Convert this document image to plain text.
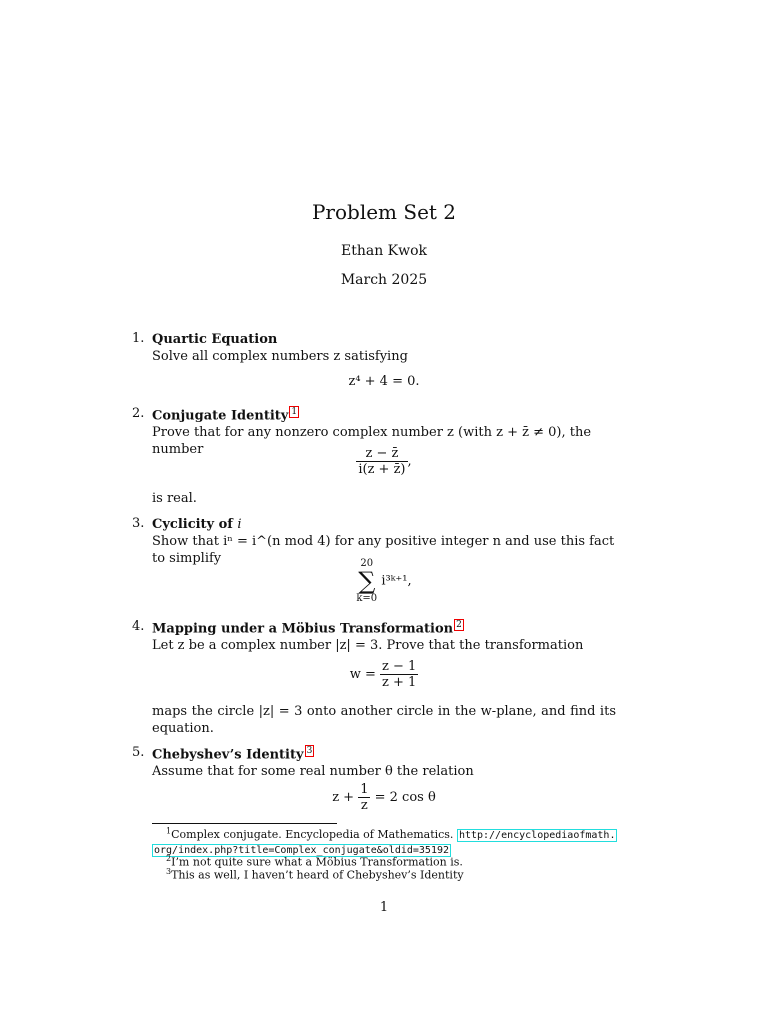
Problem Set 2
Ethan Kwok
March 2025
1. Quartic Equation
Solve all complex numbers z satisfying
z⁴ + 4 = 0.
2. Conjugate Identity 1
Prove that for any nonzero complex number z (with z + z̄ ≠ 0), the number	$\frac{z - z̄}{i(z + z̄)}$ ,
is real.
3. Cyclicity of i
Show that iⁿ = i^(n mod 4) for any positive integer n and use this fact to simplify	20
∑
k=0
i³ᵏ⁺¹,
4. Mapping under a Möbius Transformation 2
Let z be a complex number |z| = 3. Prove that the transformation
$w = \frac{z - 1}{z + 1}$
maps the circle |z| = 3 onto another circle in the w-plane, and find its equation.
5. Chebyshev’s Identity 3
Assume that for some real number θ the relation
$z + \frac{1}{z} = 2$ cos θ
$^1$Complex conjugate. Encyclopedia of Mathematics. http://encyclopediaofmath.
org/index.php?title=Complex_conjugate&oldid=35192
$^2$I’m not quite sure what a Möbius Transformation is.
$^3$This as well, I haven’t heard of Chebyshev’s Identity
1
